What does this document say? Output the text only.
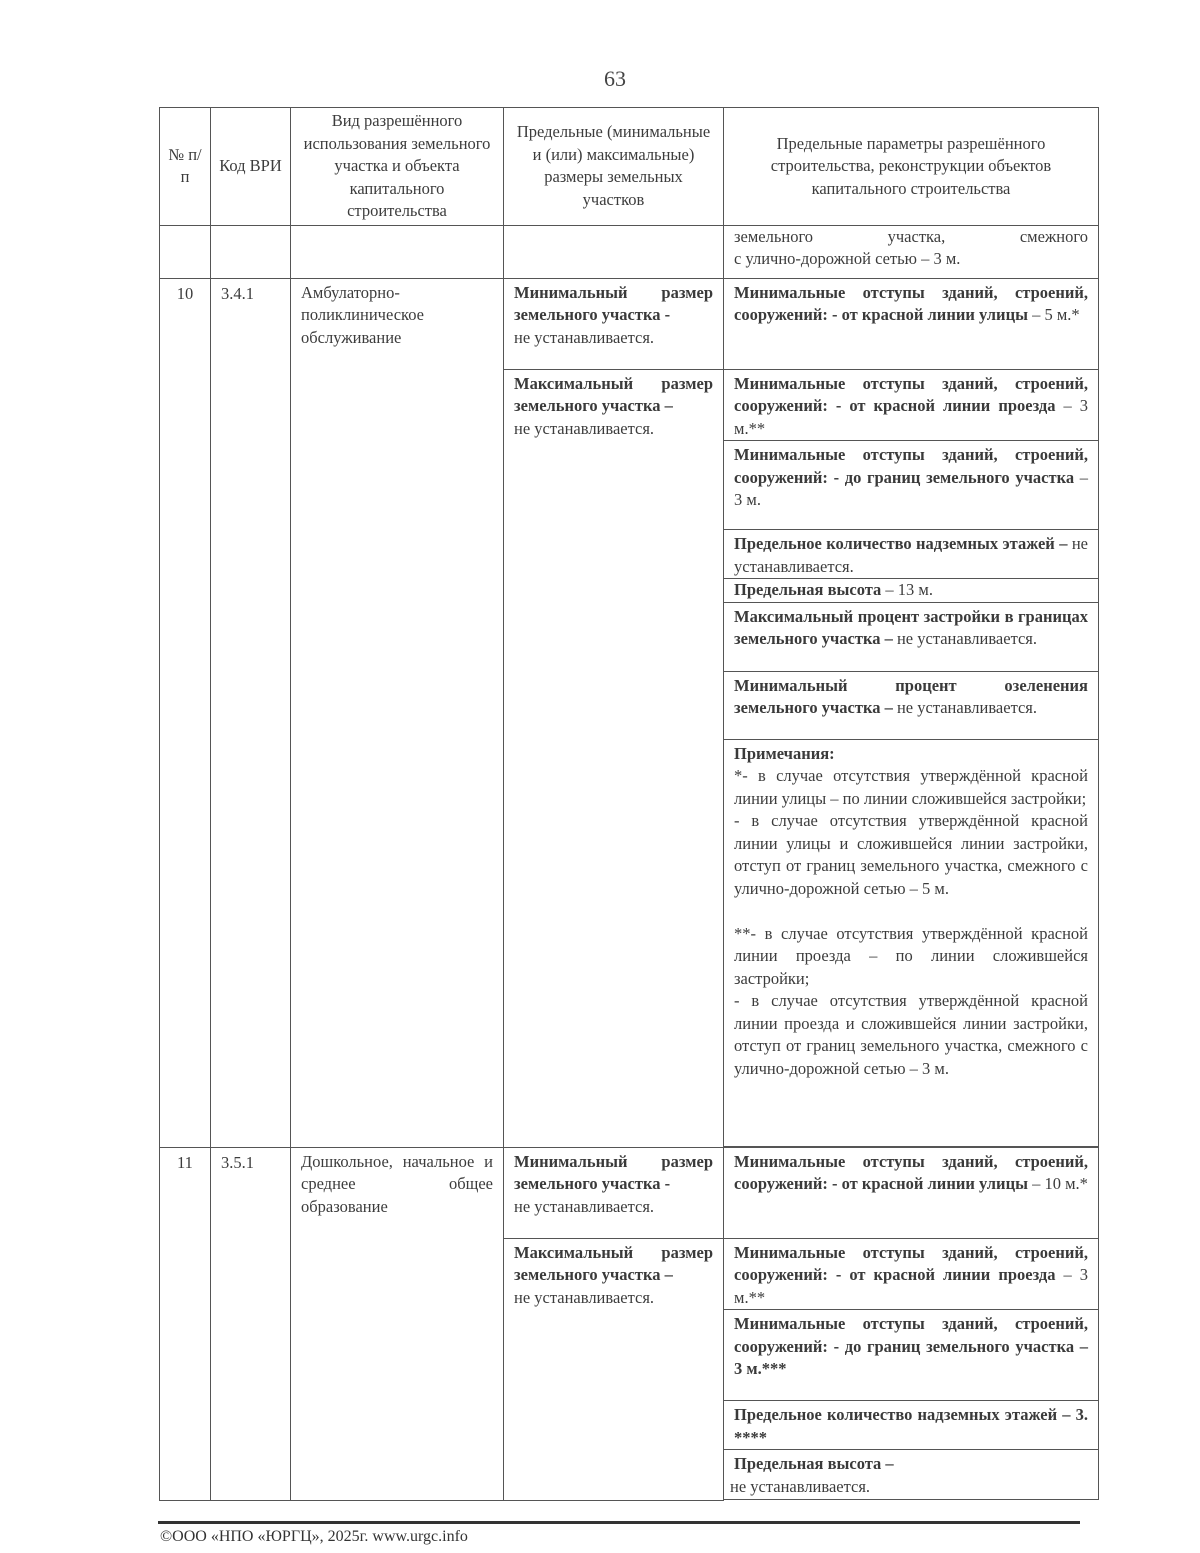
63
№ п/п	Код ВРИ	Вид разрешённого использования земельного участка и объекта капитального строительства	Предельные (минимальные и (или) максимальные) размеры земельных участков	Предельные параметры разрешённого строительства, реконструкции объектов капитального строительства

				земельного участка, смежного
с улично-дорожной сетью – 3 м.

10	3.4.1	Амбулаторно-поликлиническое обслуживание	Минимальный размер земельного участка -
не устанавливается.	Минимальные отступы зданий, строений, сооружений: - от красной линии улицы – 5 м.*
			Максимальный размер земельного участка –
не устанавливается.	Минимальные отступы зданий, строений, сооружений: - от красной линии проезда – 3 м.**
				Минимальные отступы зданий, строений, сооружений: - до границ земельного участка – 3 м.
				Предельное количество надземных этажей – не устанавливается.
				Предельная высота – 13 м.
				Максимальный процент застройки в границах земельного участка – не устанавливается.
				Минимальный процент озеленения земельного участка – не устанавливается.

				Примечания:
*- в случае отсутствия утверждённой красной линии улицы – по линии сложившейся застройки;
- в случае отсутствия утверждённой красной линии улицы и сложившейся линии застройки, отступ от границ земельного участка, смежного с улично-дорожной сетью – 5 м.
**- в случае отсутствия утверждённой красной линии проезда – по линии сложившейся застройки;
- в случае отсутствия утверждённой красной линии проезда и сложившейся линии застройки, отступ от границ земельного участка, смежного с улично-дорожной сетью – 3 м.

11	3.5.1	Дошкольное, начальное и среднее общее образование	Минимальный размер земельного участка -
не устанавливается.	Минимальные отступы зданий, строений, сооружений: - от красной линии улицы – 10 м.*
			Максимальный размер земельного участка –
не устанавливается.	Минимальные отступы зданий, строений, сооружений: - от красной линии проезда – 3 м.**
				Минимальные отступы зданий, строений, сооружений: - до границ земельного участка – 3 м.***
				Предельное количество надземных этажей – 3. ****
				Предельная высота –
не устанавливается.

©ООО «НПО «ЮРГЦ», 2025г. www.urgc.info
